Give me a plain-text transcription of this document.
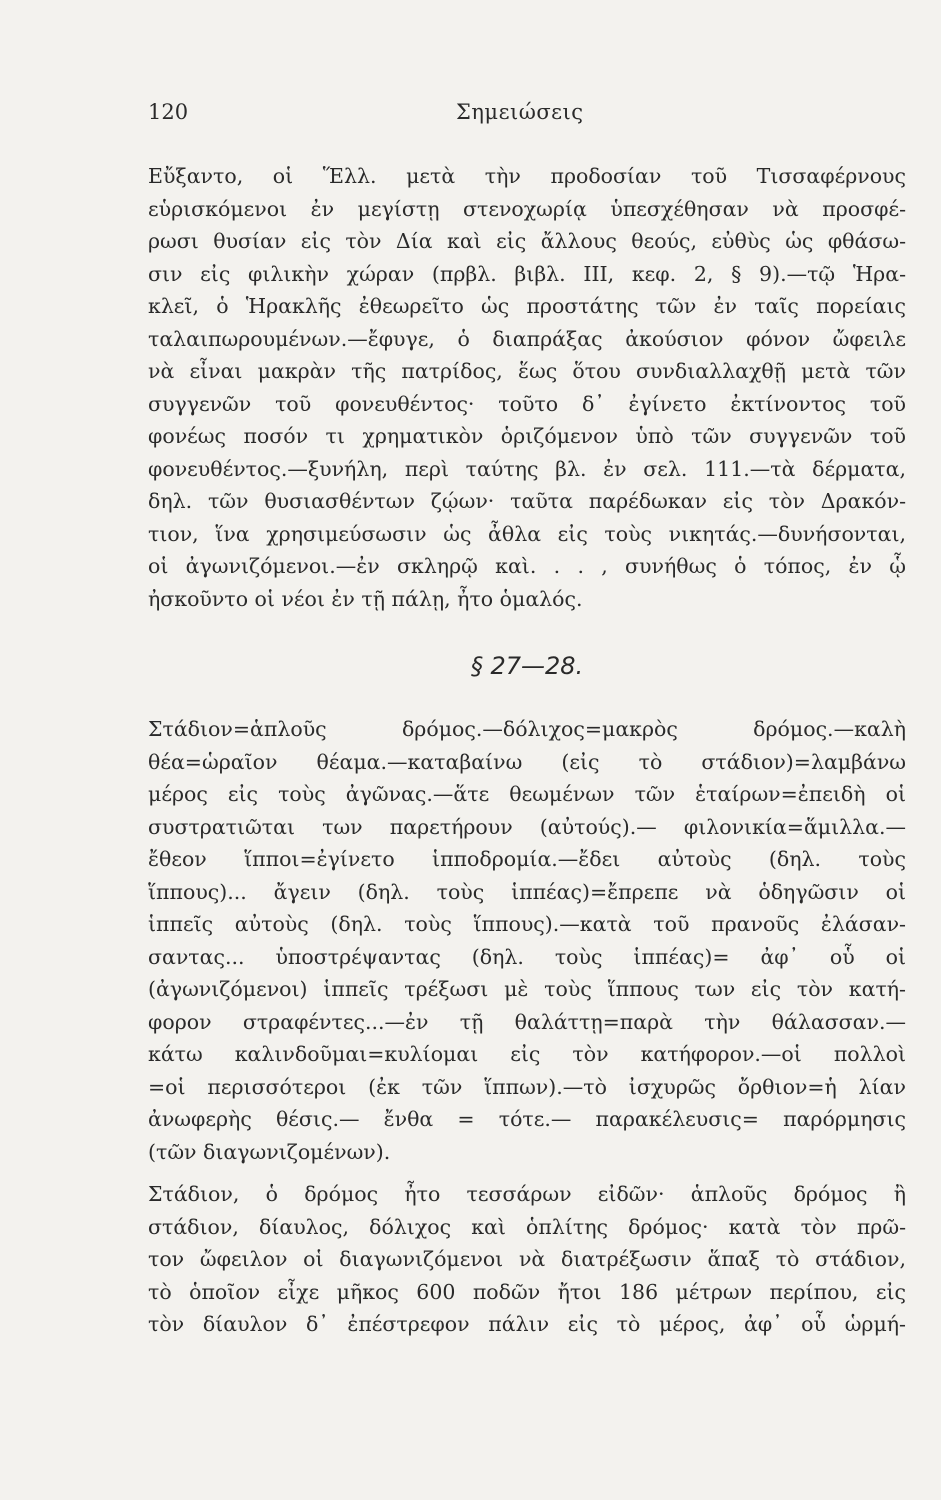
120	Σημειώσεις
Εὔξαντο, οἱ Ἕλλ. μετὰ τὴν προδοσίαν τοῦ Τισσαφέρνους
εὑρισκόμενοι ἐν μεγίστῃ στενοχωρίᾳ ὑπεσχέθησαν νὰ προσφέ-
ρωσι θυσίαν εἰς τὸν Δία καὶ εἰς ἄλλους θεούς, εὐθὺς ὡς φθάσω-
σιν εἰς φιλικὴν χώραν (πρβλ. βιβλ. III, κεφ. 2, § 9).—τῷ Ἡρα-
κλεῖ, ὁ Ἡρακλῆς ἐθεωρεῖτο ὡς προστάτης τῶν ἐν ταῖς πορείαις
ταλαιπωρουμένων.—ἔφυγε, ὁ διαπράξας ἀκούσιον φόνον ὤφειλε
νὰ εἶναι μακρὰν τῆς πατρίδος, ἕως ὅτου συνδιαλλαχθῇ μετὰ τῶν
συγγενῶν τοῦ φονευθέντος· τοῦτο δ᾽ ἐγίνετο ἐκτίνοντος τοῦ
φονέως ποσόν τι χρηματικὸν ὁριζόμενον ὑπὸ τῶν συγγενῶν τοῦ
φονευθέντος.—ξυνήλη, περὶ ταύτης βλ. ἐν σελ. 111.—τὰ δέρματα,
δηλ. τῶν θυσιασθέντων ζῴων· ταῦτα παρέδωκαν εἰς τὸν Δρακόν-
τιον, ἵνα χρησιμεύσωσιν ὡς ἆθλα εἰς τοὺς νικητάς.—δυνήσονται,
οἱ ἀγωνιζόμενοι.—ἐν σκληρῷ καὶ. . . , συνήθως ὁ τόπος, ἐν ᾧ
ἠσκοῦντο οἱ νέοι ἐν τῇ πάλῃ, ἦτο ὁμαλός.
§ 27—28.
Στάδιον=ἁπλοῦς δρόμος.—δόλιχος=μακρὸς δρόμος.—καλὴ
θέα=ὡραῖον θέαμα.—καταβαίνω (εἰς τὸ στάδιον)=λαμβάνω
μέρος εἰς τοὺς ἀγῶνας.—ἅτε θεωμένων τῶν ἑταίρων=ἐπειδὴ οἱ
συστρατιῶται των παρετήρουν (αὐτούς).— φιλονικία=ἅμιλλα.—
ἔθεον ἵπποι=ἐγίνετο ἱπποδρομία.—ἔδει αὐτοὺς (δηλ. τοὺς
ἵππους)... ἄγειν (δηλ. τοὺς ἱππέας)=ἔπρεπε νὰ ὁδηγῶσιν οἱ
ἱππεῖς αὐτοὺς (δηλ. τοὺς ἵππους).—κατὰ τοῦ πρανοῦς ἐλάσαν-
σαντας... ὑποστρέψαντας (δηλ. τοὺς ἱππέας)= ἀφ᾽ οὗ οἱ
(ἀγωνιζόμενοι) ἱππεῖς τρέξωσι μὲ τοὺς ἵππους των εἰς τὸν κατή-
φορον στραφέντες...—ἐν τῇ θαλάττῃ=παρὰ τὴν θάλασσαν.—
κάτω καλινδοῦμαι=κυλίομαι εἰς τὸν κατήφορον.—οἱ πολλοὶ
=οἱ περισσότεροι (ἐκ τῶν ἵππων).—τὸ ἰσχυρῶς ὄρθιον=ἡ λίαν
ἀνωφερὴς θέσις.— ἔνθα = τότε.— παρακέλευσις= παρόρμησις
(τῶν διαγωνιζομένων).
Στάδιον, ὁ δρόμος ἦτο τεσσάρων εἰδῶν· ἁπλοῦς δρόμος ἢ
στάδιον, δίαυλος, δόλιχος καὶ ὁπλίτης δρόμος· κατὰ τὸν πρῶ-
τον ὤφειλον οἱ διαγωνιζόμενοι νὰ διατρέξωσιν ἅπαξ τὸ στάδιον,
τὸ ὁποῖον εἶχε μῆκος 600 ποδῶν ἤτοι 186 μέτρων περίπου, εἰς
τὸν δίαυλον δ᾽ ἐπέστρεφον πάλιν εἰς τὸ μέρος, ἀφ᾽ οὗ ὡρμή-
